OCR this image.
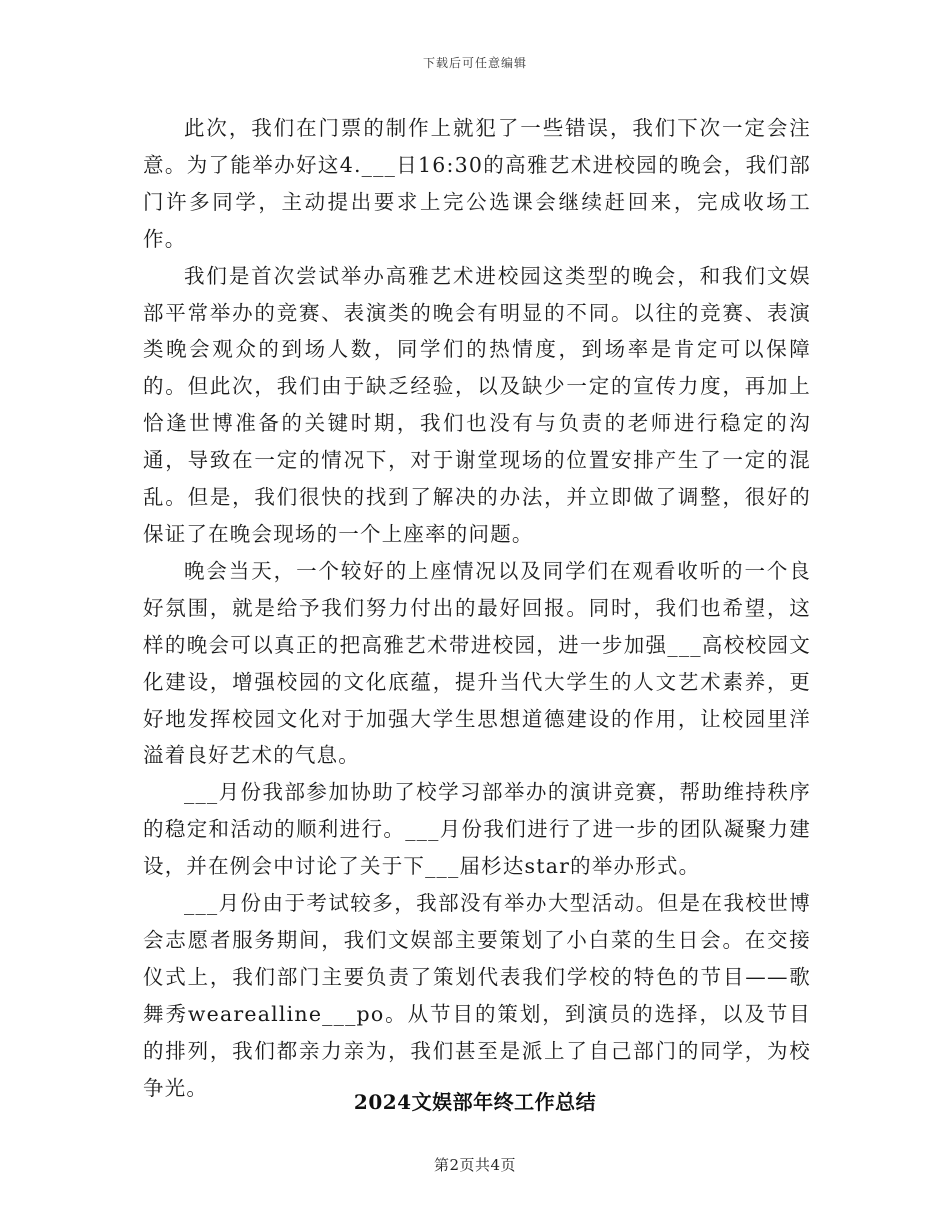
下载后可任意编辑

此次，我们在门票的制作上就犯了一些错误，我们下次一定会注意。为了能举办好这4.___日16:30的高雅艺术进校园的晚会，我们部门许多同学，主动提出要求上完公选课会继续赶回来，完成收场工作。

我们是首次尝试举办高雅艺术进校园这类型的晚会，和我们文娱部平常举办的竞赛、表演类的晚会有明显的不同。以往的竞赛、表演类晚会观众的到场人数，同学们的热情度，到场率是肯定可以保障的。但此次，我们由于缺乏经验，以及缺少一定的宣传力度，再加上恰逢世博准备的关键时期，我们也没有与负责的老师进行稳定的沟通，导致在一定的情况下，对于谢堂现场的位置安排产生了一定的混乱。但是，我们很快的找到了解决的办法，并立即做了调整，很好的保证了在晚会现场的一个上座率的问题。

晚会当天，一个较好的上座情况以及同学们在观看收听的一个良好氛围，就是给予我们努力付出的最好回报。同时，我们也希望，这样的晚会可以真正的把高雅艺术带进校园，进一步加强___高校校园文化建设，增强校园的文化底蕴，提升当代大学生的人文艺术素养，更好地发挥校园文化对于加强大学生思想道德建设的作用，让校园里洋溢着良好艺术的气息。

___月份我部参加协助了校学习部举办的演讲竞赛，帮助维持秩序的稳定和活动的顺利进行。___月份我们进行了进一步的团队凝聚力建设，并在例会中讨论了关于下___届杉达star的举办形式。

___月份由于考试较多，我部没有举办大型活动。但是在我校世博会志愿者服务期间，我们文娱部主要策划了小白菜的生日会。在交接仪式上，我们部门主要负责了策划代表我们学校的特色的节目——歌舞秀wearealline___po。从节目的策划，到演员的选择，以及节目的排列，我们都亲力亲为，我们甚至是派上了自己部门的同学，为校争光。

2024文娱部年终工作总结
第2页共4页
